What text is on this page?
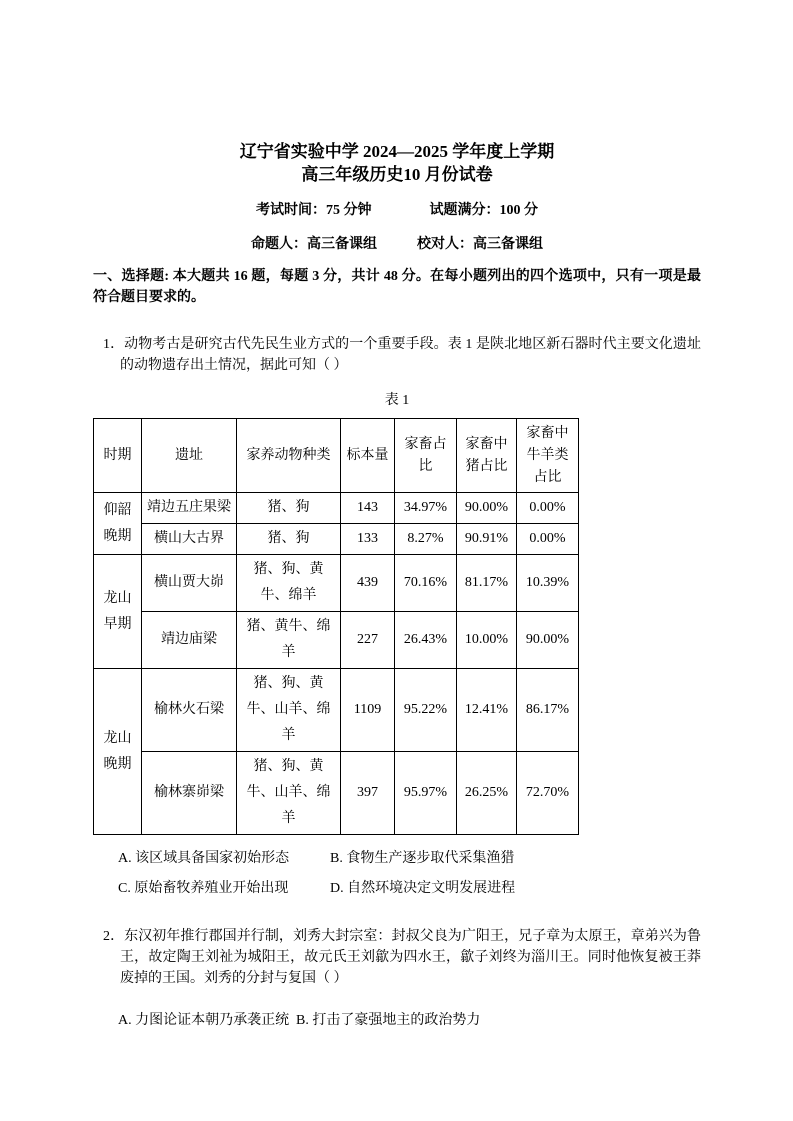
辽宁省实验中学 2024—2025 学年度上学期
高三年级历史10 月份试卷

考试时间：75 分钟	试题满分：100 分

命题人：高三备课组	校对人：高三备课组

一、选择题: 本大题共 16 题，每题 3 分，共计 48 分。在每小题列出的四个选项中，只有一项是最符合题目要求的。

1．动物考古是研究古代先民生业方式的一个重要手段。表 1 是陕北地区新石器时代主要文化遗址的动物遗存出土情况，据此可知（ ）

表 1

时期	遗址	家养动物种类	标本量	家畜占比	家畜中猪占比	家畜中牛羊类占比
仰韶晚期	靖边五庄果梁	猪、狗	143	34.97%	90.00%	0.00%
	横山大古界	猪、狗	133	8.27%	90.91%	0.00%
龙山早期	横山贾大峁	猪、狗、黄牛、绵羊	439	70.16%	81.17%	10.39%
	靖边庙梁	猪、黄牛、绵羊	227	26.43%	10.00%	90.00%
龙山晚期	榆林火石梁	猪、狗、黄牛、山羊、绵羊	1109	95.22%	12.41%	86.17%
	榆林寨峁梁	猪、狗、黄牛、山羊、绵羊	397	95.97%	26.25%	72.70%
A. 该区域具备国家初始形态	B. 食物生产逐步取代采集渔猎
C. 原始畜牧养殖业开始出现	D. 自然环境决定文明发展进程

2．东汉初年推行郡国并行制，刘秀大封宗室：封叔父良为广阳王，兄子章为太原王，章弟兴为鲁王，故定陶王刘祉为城阳王，故元氏王刘歙为四水王，歙子刘终为淄川王。同时他恢复被王莽废掉的王国。刘秀的分封与复国（ ）

A. 力图论证本朝乃承袭正统 B. 打击了豪强地主的政治势力
